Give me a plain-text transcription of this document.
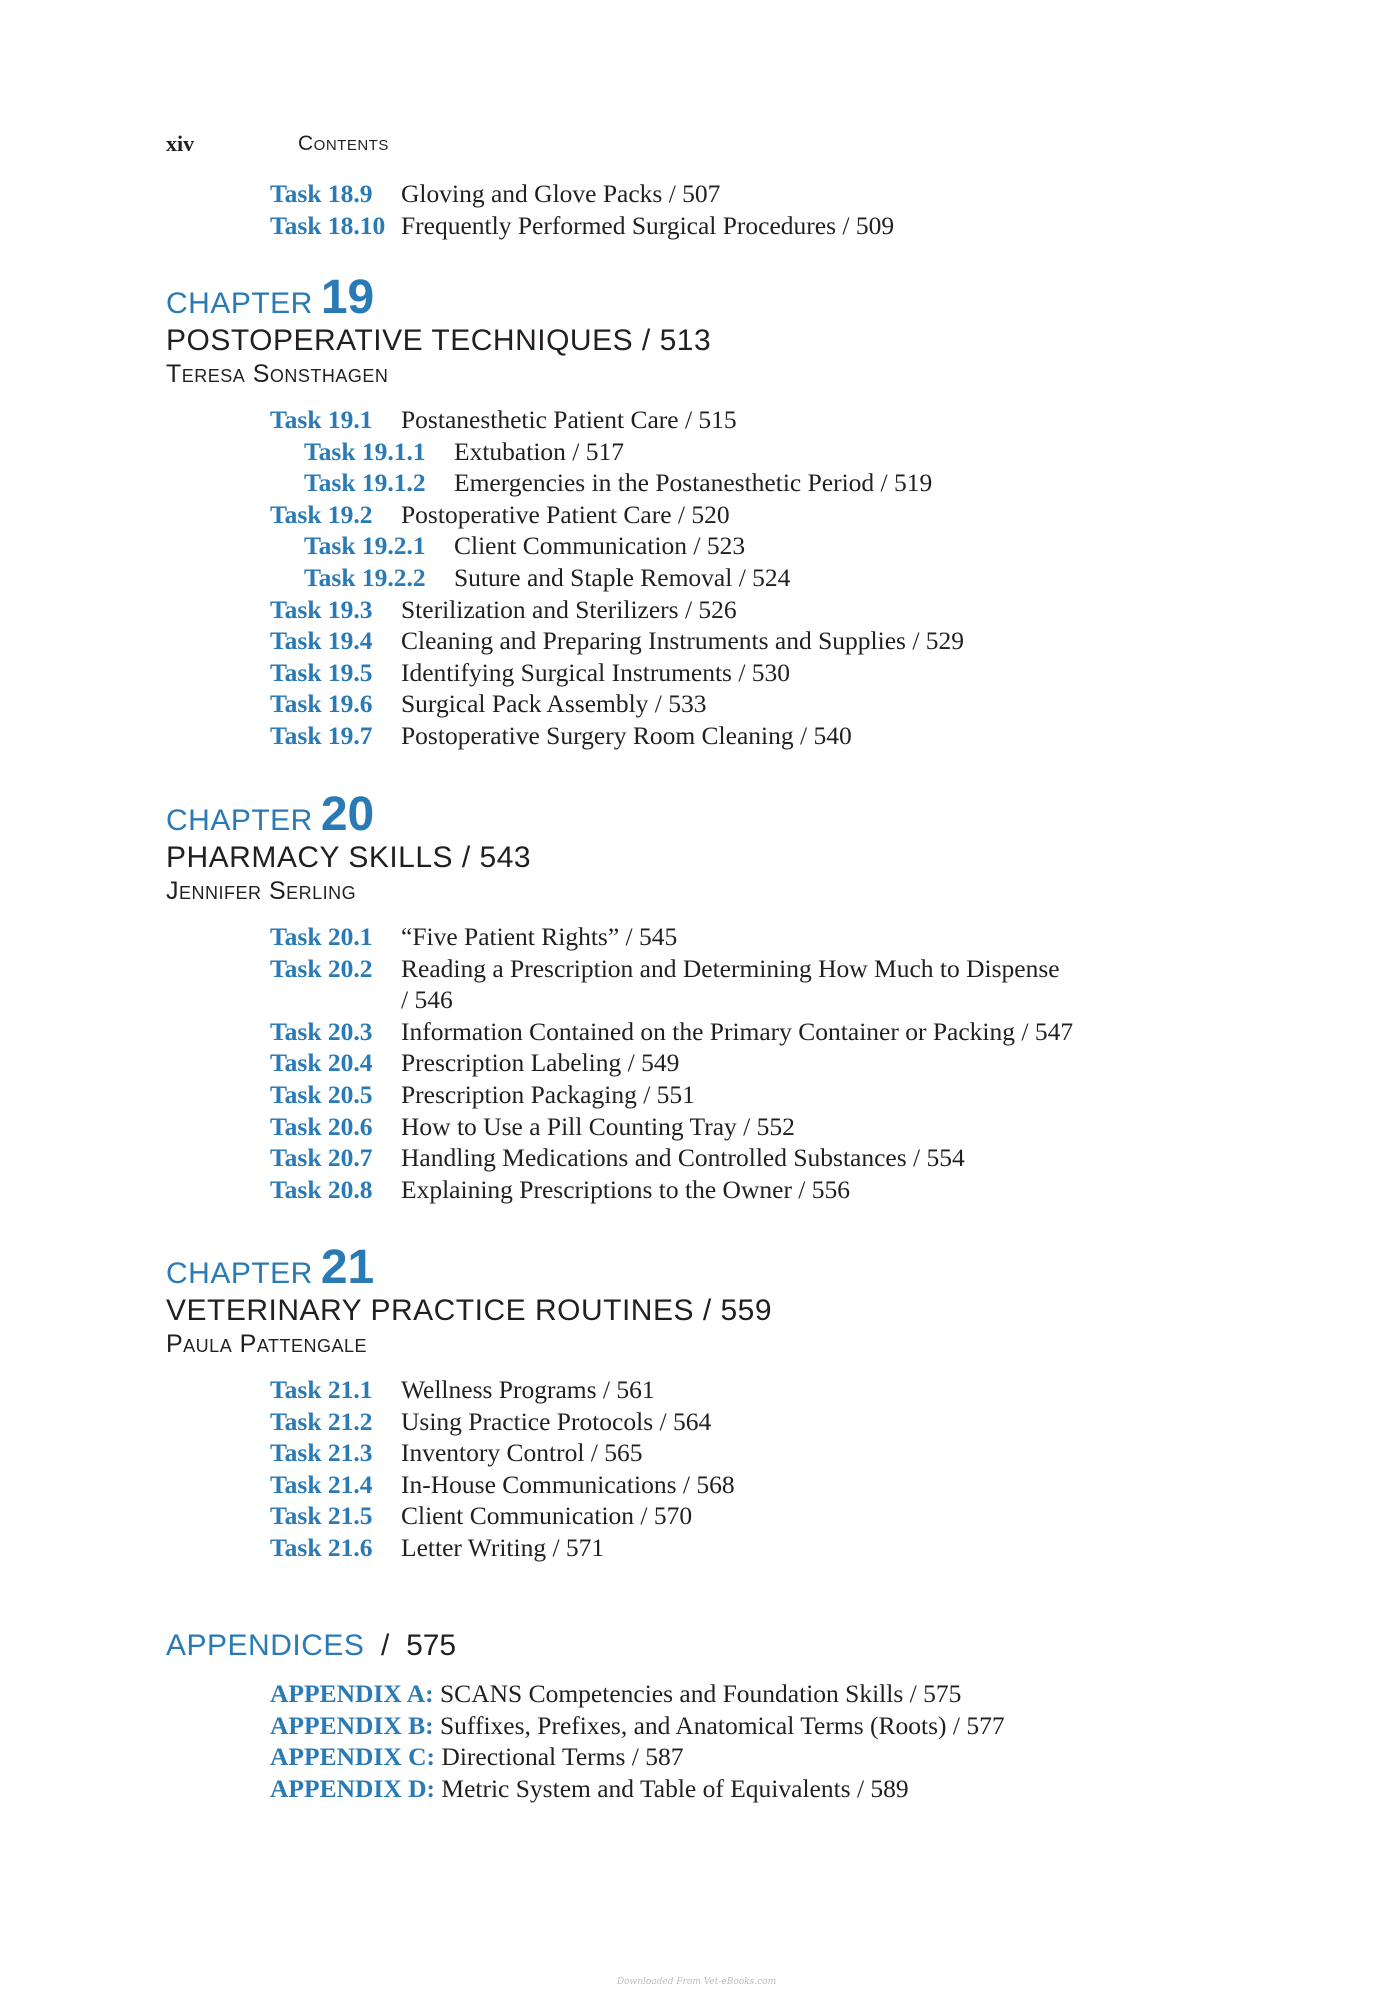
xiv	Contents
Task 18.9	Gloving and Glove Packs / 507
Task 18.10 Frequently Performed Surgical Procedures / 509
CHAPTER 19
POSTOPERATIVE TECHNIQUES / 513
Teresa Sonsthagen
Task 19.1	Postanesthetic Patient Care / 515
Task 19.1.1	Extubation / 517
Task 19.1.2	Emergencies in the Postanesthetic Period / 519
Task 19.2	Postoperative Patient Care / 520
Task 19.2.1	Client Communication / 523
Task 19.2.2	Suture and Staple Removal / 524
Task 19.3	Sterilization and Sterilizers / 526
Task 19.4	Cleaning and Preparing Instruments and Supplies / 529
Task 19.5	Identifying Surgical Instruments / 530
Task 19.6	Surgical Pack Assembly / 533
Task 19.7	Postoperative Surgery Room Cleaning / 540
CHAPTER 20
PHARMACY SKILLS / 543
Jennifer Serling
Task 20.1	“Five Patient Rights” / 545
Task 20.2	Reading a Prescription and Determining How Much to Dispense / 546
Task 20.3	Information Contained on the Primary Container or Packing / 547
Task 20.4	Prescription Labeling / 549
Task 20.5	Prescription Packaging / 551
Task 20.6	How to Use a Pill Counting Tray / 552
Task 20.7	Handling Medications and Controlled Substances / 554
Task 20.8	Explaining Prescriptions to the Owner / 556
CHAPTER 21
VETERINARY PRACTICE ROUTINES / 559
Paula Pattengale
Task 21.1	Wellness Programs / 561
Task 21.2	Using Practice Protocols / 564
Task 21.3	Inventory Control / 565
Task 21.4	In-House Communications / 568
Task 21.5	Client Communication / 570
Task 21.6	Letter Writing / 571
APPENDICES  /  575
APPENDIX A: SCANS Competencies and Foundation Skills / 575
APPENDIX B: Suffixes, Prefixes, and Anatomical Terms (Roots) / 577
APPENDIX C: Directional Terms / 587
APPENDIX D: Metric System and Table of Equivalents / 589
Downloaded From Vet-eBooks.com
